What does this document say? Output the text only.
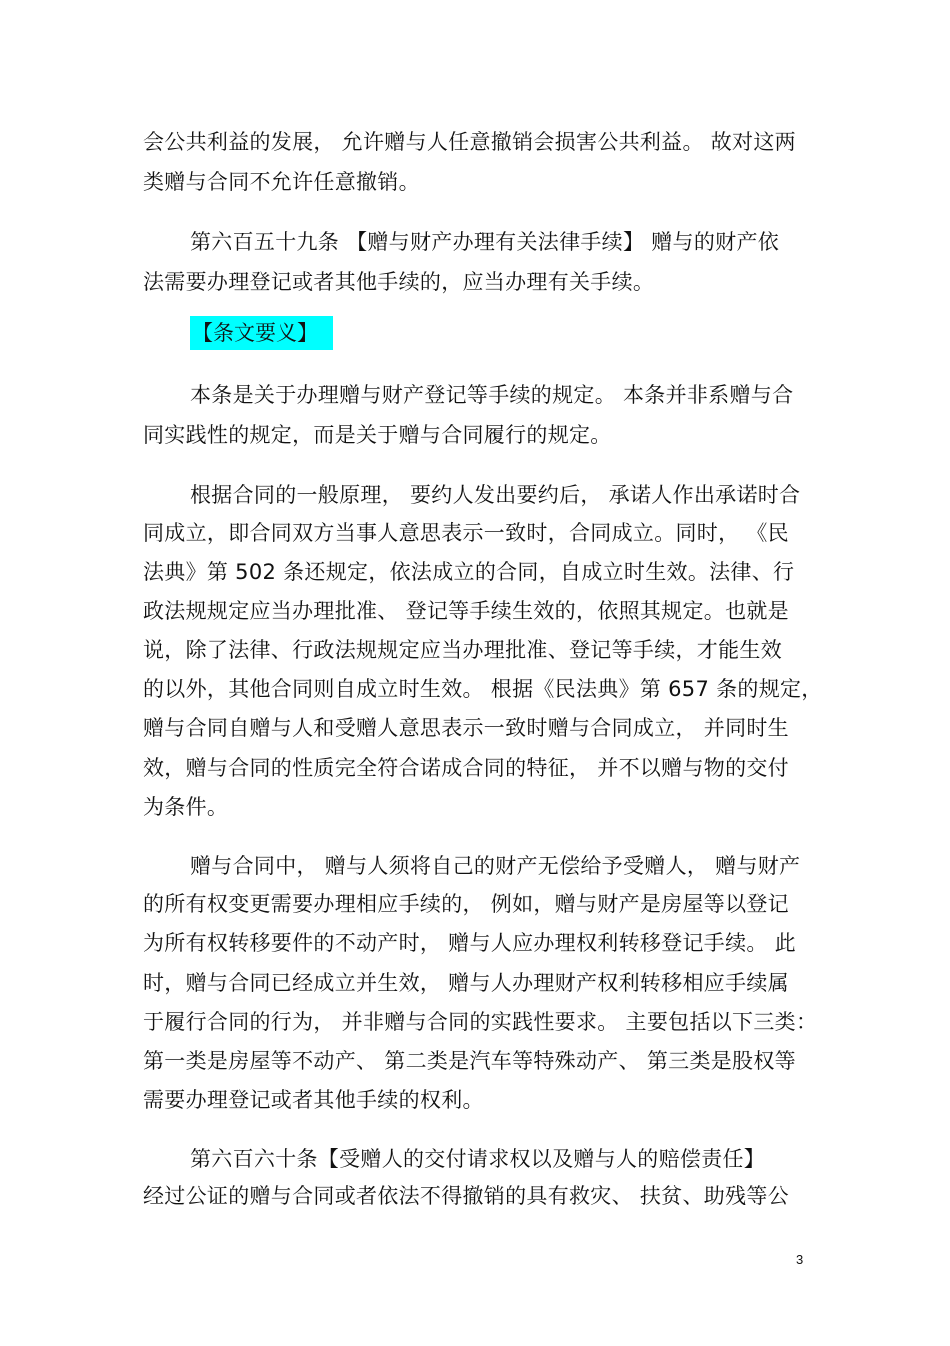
会公共利益的发展， 允许赠与人任意撤销会损害公共利益。 故对这两
类赠与合同不允许任意撤销。
第六百五十九条 【赠与财产办理有关法律手续】 赠与的财产依
法需要办理登记或者其他手续的，应当办理有关手续。
【条文要义】
本条是关于办理赠与财产登记等手续的规定。 本条并非系赠与合
同实践性的规定，而是关于赠与合同履行的规定。
根据合同的一般原理， 要约人发出要约后， 承诺人作出承诺时合
同成立，即合同双方当事人意思表示一致时，合同成立。同时， 《民
法典》第 502 条还规定，依法成立的合同，自成立时生效。法律、行
政法规规定应当办理批准、 登记等手续生效的，依照其规定。也就是
说，除了法律、行政法规规定应当办理批准、登记等手续，才能生效
的以外，其他合同则自成立时生效。 根据《民法典》第 657 条的规定，
赠与合同自赠与人和受赠人意思表示一致时赠与合同成立， 并同时生
效，赠与合同的性质完全符合诺成合同的特征， 并不以赠与物的交付
为条件。
赠与合同中， 赠与人须将自己的财产无偿给予受赠人， 赠与财产
的所有权变更需要办理相应手续的， 例如，赠与财产是房屋等以登记
为所有权转移要件的不动产时， 赠与人应办理权利转移登记手续。 此
时，赠与合同已经成立并生效， 赠与人办理财产权利转移相应手续属
于履行合同的行为， 并非赠与合同的实践性要求。 主要包括以下三类：
第一类是房屋等不动产、 第二类是汽车等特殊动产、 第三类是股权等
需要办理登记或者其他手续的权利。
第六百六十条【受赠人的交付请求权以及赠与人的赔偿责任】
经过公证的赠与合同或者依法不得撤销的具有救灾、 扶贫、助残等公
3
